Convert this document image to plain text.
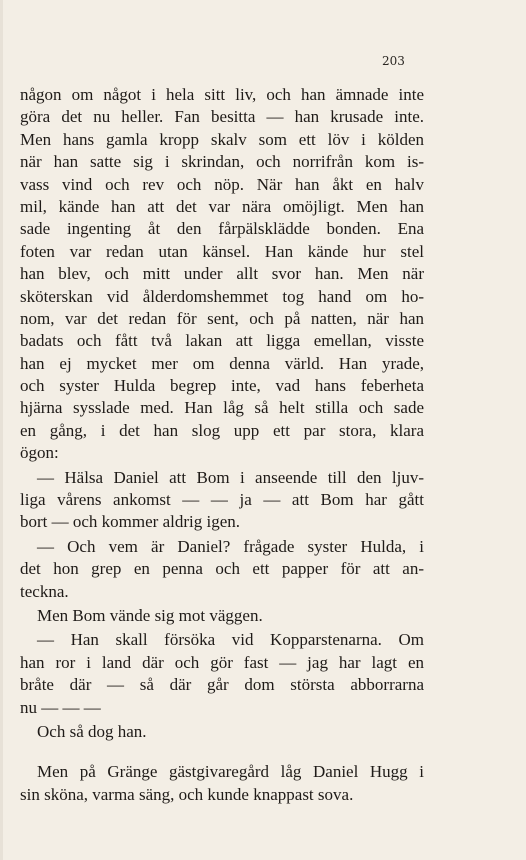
203
någon om något i hela sitt liv, och han ämnade inte
göra det nu heller. Fan besitta — han krusade inte.
Men hans gamla kropp skalv som ett löv i kölden
när han satte sig i skrindan, och norrifrån kom is-
vass vind och rev och nöp. När han åkt en halv
mil, kände han att det var nära omöjligt. Men han
sade ingenting åt den fårpälsklädde bonden. Ena
foten var redan utan känsel. Han kände hur stel
han blev, och mitt under allt svor han. Men när
sköterskan vid ålderdomshemmet tog hand om ho-
nom, var det redan för sent, och på natten, när han
badats och fått två lakan att ligga emellan, visste
han ej mycket mer om denna värld. Han yrade,
och syster Hulda begrep inte, vad hans feberheta
hjärna sysslade med. Han låg så helt stilla och sade
en gång, i det han slog upp ett par stora, klara
ögon:
— Hälsa Daniel att Bom i anseende till den ljuv-
liga vårens ankomst — — ja — att Bom har gått
bort — och kommer aldrig igen.
— Och vem är Daniel? frågade syster Hulda, i
det hon grep en penna och ett papper för att an-
teckna.
Men Bom vände sig mot väggen.
— Han skall försöka vid Kopparstenarna. Om
han ror i land där och gör fast — jag har lagt en
bråte där — så där går dom största abborrarna
nu — — —
Och så dog han.
Men på Gränge gästgivaregård låg Daniel Hugg i
sin sköna, varma säng, och kunde knappast sova.
